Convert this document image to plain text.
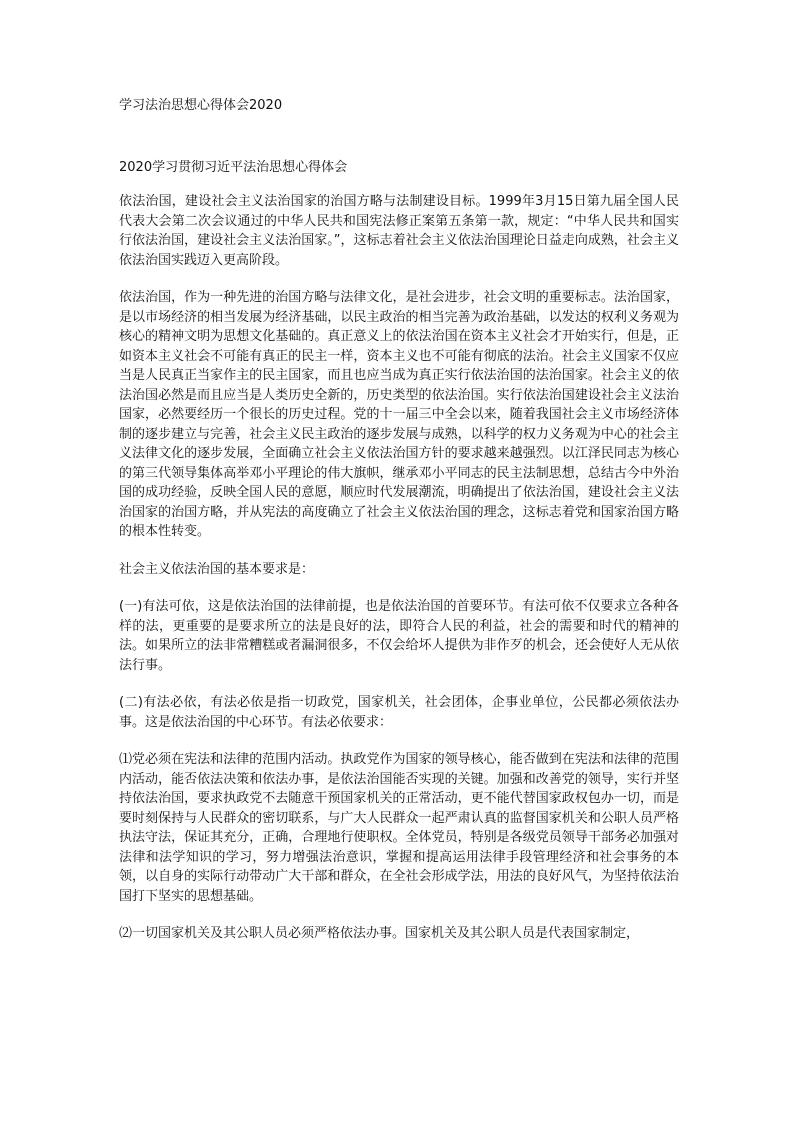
学习法治思想心得体会2020
2020学习贯彻习近平法治思想心得体会

依法治国，建设社会主义法治国家的治国方略与法制建设目标。1999年3月15日第九届全国人民代表大会第二次会议通过的中华人民共和国宪法修正案第五条第一款，规定：“中华人民共和国实行依法治国，建设社会主义法治国家。”，这标志着社会主义依法治国理论日益走向成熟，社会主义依法治国实践迈入更高阶段。

依法治国，作为一种先进的治国方略与法律文化，是社会进步，社会文明的重要标志。法治国家，是以市场经济的相当发展为经济基础，以民主政治的相当完善为政治基础，以发达的权利义务观为核心的精神文明为思想文化基础的。真正意义上的依法治国在资本主义社会才开始实行，但是，正如资本主义社会不可能有真正的民主一样，资本主义也不可能有彻底的法治。社会主义国家不仅应当是人民真正当家作主的民主国家，而且也应当成为真正实行依法治国的法治国家。社会主义的依法治国必然是而且应当是人类历史全新的，历史类型的依法治国。实行依法治国建设社会主义法治国家，必然要经历一个很长的历史过程。党的十一届三中全会以来，随着我国社会主义市场经济体制的逐步建立与完善，社会主义民主政治的逐步发展与成熟，以科学的权力义务观为中心的社会主义法律文化的逐步发展，全面确立社会主义依法治国方针的要求越来越强烈。以江泽民同志为核心的第三代领导集体高举邓小平理论的伟大旗帜，继承邓小平同志的民主法制思想，总结古今中外治国的成功经验，反映全国人民的意愿，顺应时代发展潮流，明确提出了依法治国，建设社会主义法治国家的治国方略，并从宪法的高度确立了社会主义依法治国的理念，这标志着党和国家治国方略的根本性转变。

社会主义依法治国的基本要求是：

(一)有法可依，这是依法治国的法律前提，也是依法治国的首要环节。有法可依不仅要求立各种各样的法，更重要的是要求所立的法是良好的法，即符合人民的利益，社会的需要和时代的精神的法。如果所立的法非常糟糕或者漏洞很多，不仅会给坏人提供为非作歹的机会，还会使好人无从依法行事。

(二)有法必依，有法必依是指一切政党，国家机关，社会团体，企事业单位，公民都必须依法办事。这是依法治国的中心环节。有法必依要求：

⑴党必须在宪法和法律的范围内活动。执政党作为国家的领导核心，能否做到在宪法和法律的范围内活动，能否依法决策和依法办事，是依法治国能否实现的关键。加强和改善党的领导，实行并坚持依法治国，要求执政党不去随意干预国家机关的正常活动，更不能代替国家政权包办一切，而是要时刻保持与人民群众的密切联系，与广大人民群众一起严肃认真的监督国家机关和公职人员严格执法守法，保证其充分，正确，合理地行使职权。全体党员，特别是各级党员领导干部务必加强对法律和法学知识的学习，努力增强法治意识，掌握和提高运用法律手段管理经济和社会事务的本领，以自身的实际行动带动广大干部和群众，在全社会形成学法，用法的良好风气，为坚持依法治国打下坚实的思想基础。

⑵一切国家机关及其公职人员必须严格依法办事。国家机关及其公职人员是代表国家制定，
